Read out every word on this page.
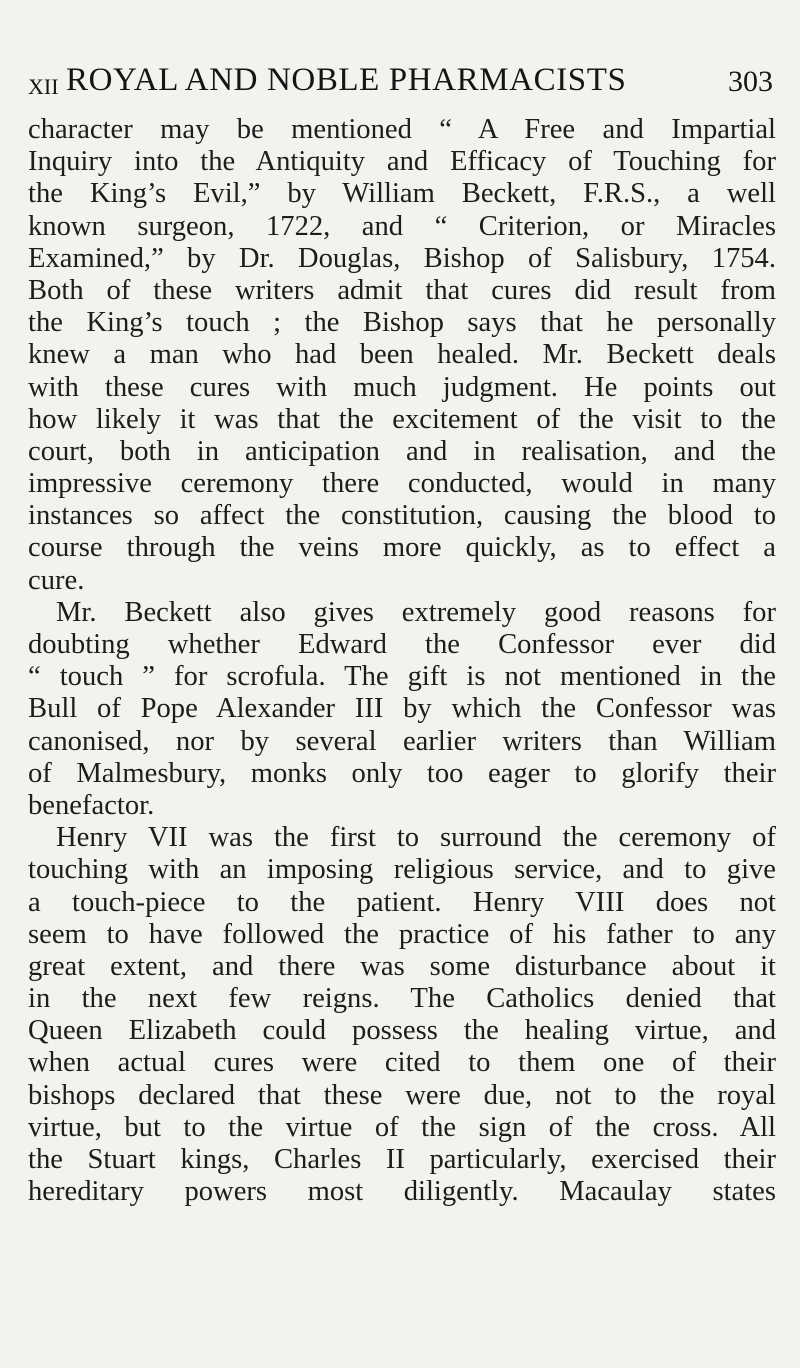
XII ROYAL AND NOBLE PHARMACISTS	303
character may be mentioned “ A Free and Impartial
Inquiry into the Antiquity and Efficacy of Touching for
the King’s Evil,” by William Beckett, F.R.S., a well
known surgeon, 1722, and “ Criterion, or Miracles
Examined,” by Dr. Douglas, Bishop of Salisbury, 1754.
Both of these writers admit that cures did result from
the King’s touch ; the Bishop says that he personally
knew a man who had been healed. Mr. Beckett deals
with these cures with much judgment. He points out
how likely it was that the excitement of the visit to the
court, both in anticipation and in realisation, and the
impressive ceremony there conducted, would in many
instances so affect the constitution, causing the blood to
course through the veins more quickly, as to effect a
cure.
Mr. Beckett also gives extremely good reasons for
doubting whether Edward the Confessor ever did
“ touch ” for scrofula. The gift is not mentioned in the
Bull of Pope Alexander III by which the Confessor was
canonised, nor by several earlier writers than William
of Malmesbury, monks only too eager to glorify their
benefactor.
Henry VII was the first to surround the ceremony of
touching with an imposing religious service, and to give
a touch-piece to the patient. Henry VIII does not
seem to have followed the practice of his father to any
great extent, and there was some disturbance about it
in the next few reigns. The Catholics denied that
Queen Elizabeth could possess the healing virtue, and
when actual cures were cited to them one of their
bishops declared that these were due, not to the royal
virtue, but to the virtue of the sign of the cross. All
the Stuart kings, Charles II particularly, exercised their
hereditary powers most diligently. Macaulay states
